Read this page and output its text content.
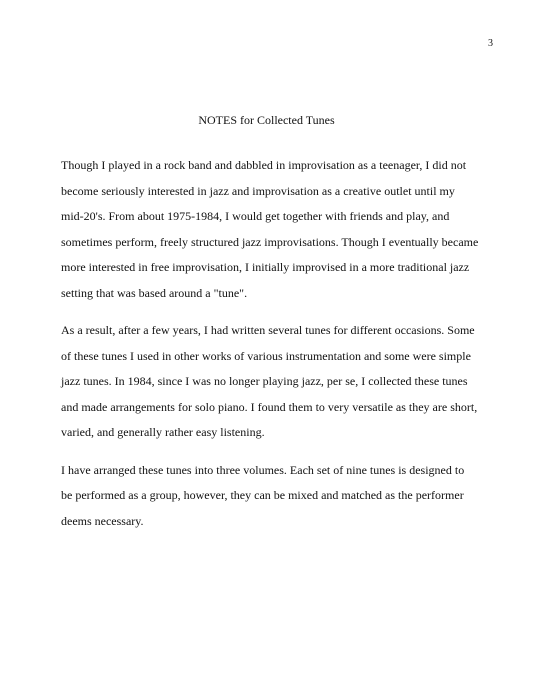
3
NOTES for Collected Tunes

Though I played in a rock band and dabbled in improvisation as a teenager, I did not
become seriously interested in jazz and improvisation as a creative outlet until my
mid-20's. From about 1975-1984, I would get together with friends and play, and
sometimes perform, freely structured jazz improvisations. Though I eventually became
more interested in free improvisation, I initially improvised in a more traditional jazz
setting that was based around a "tune".

As a result, after a few years, I had written several tunes for different occasions. Some
of these tunes I used in other works of various instrumentation and some were simple
jazz tunes. In 1984, since I was no longer playing jazz, per se, I collected these tunes
and made arrangements for solo piano. I found them to very versatile as they are short,
varied, and generally rather easy listening.

I have arranged these tunes into three volumes. Each set of nine tunes is designed to
be performed as a group, however, they can be mixed and matched as the performer
deems necessary.
